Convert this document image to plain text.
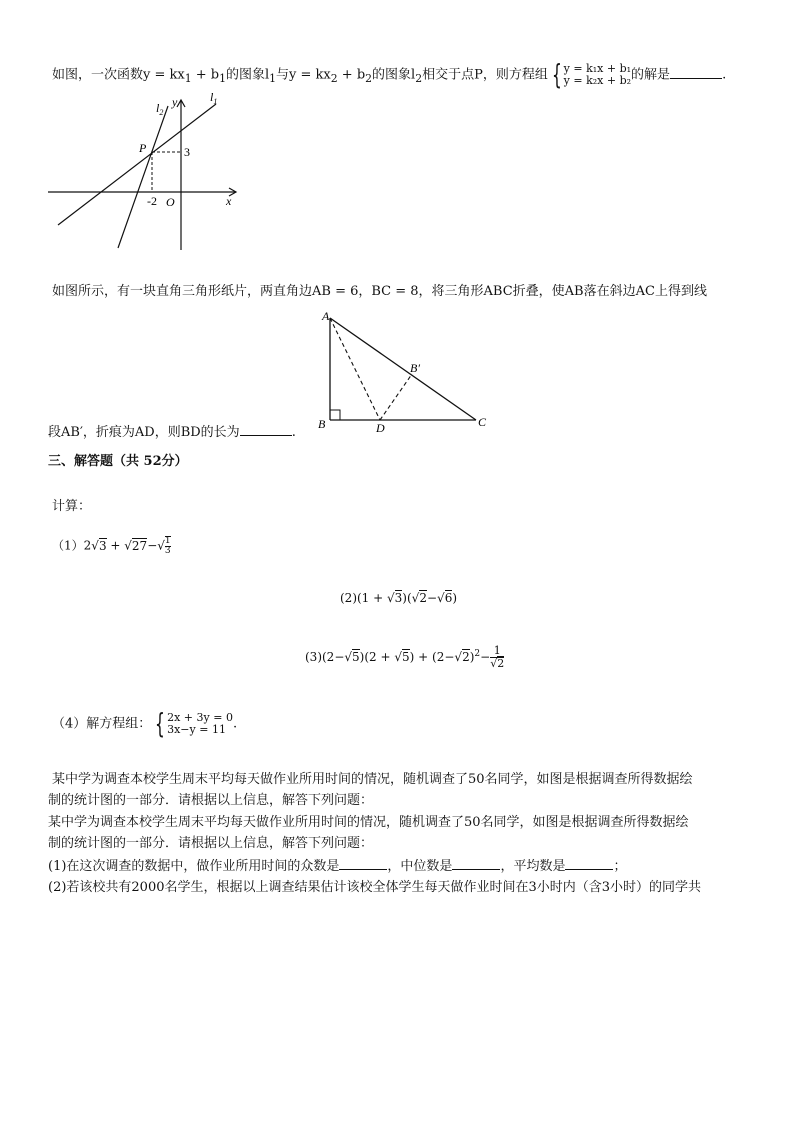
如图，一次函数$y = kx_1 + b_1$的图象$l_1$与$y = kx_2 + b_2$的图象$l_2$相交于点P，则方程组 { y = k₁x + b₁
y = k₂x + b₂ 的解是	.
$l_1$
$l_2$
y
x
P	3
-2 O
如图所示，有一块直角三角形纸片，两直角边AB = 6，BC = 8，将三角形ABC折叠，使AB落在斜边AC上得到线
A
B	C
D
B′
段AB′，折痕为AD，则BD的长为	.
三、解答题（共 52分）
计算：
$(1)2√3 + √27-√ \frac{1}{3}$
(2)(1 + √3)(√2−√6)
$(3)(2-√5)(2 + √5) + (2-√2)^2- \frac{1}{√2}$
（4）解方程组： { 2x + 3y = 0
3x−y = 11 .
某中学为调查本校学生周末平均每天做作业所用时间的情况，随机调查了50名同学，如图是根据调查所得数据绘
制的统计图的一部分．请根据以上信息，解答下列问题：
某中学为调查本校学生周末平均每天做作业所用时间的情况，随机调查了50名同学，如图是根据调查所得数据绘
制的统计图的一部分．请根据以上信息，解答下列问题：
(1)在这次调查的数据中，做作业所用时间的众数是	，中位数是	，平均数是	；
(2)若该校共有2000名学生，根据以上调查结果估计该校全体学生每天做作业时间在3小时内（含3小时）的同学共
